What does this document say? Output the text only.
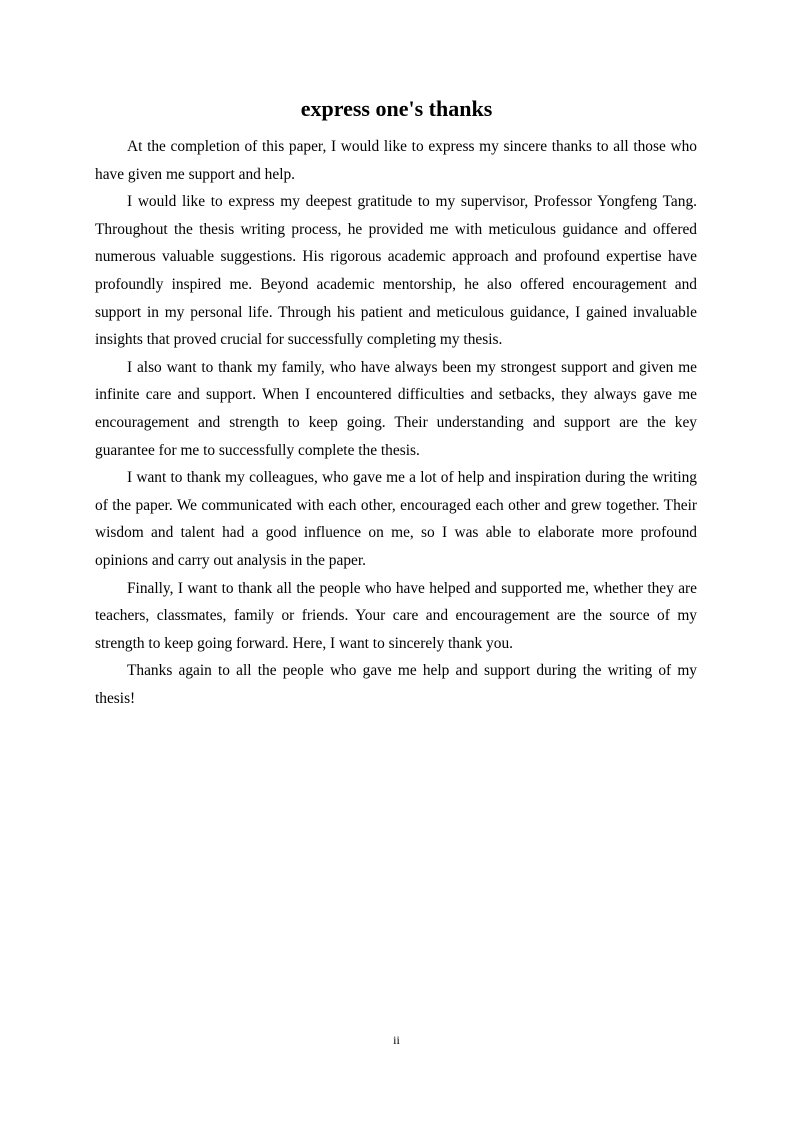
express one's thanks

At the completion of this paper, I would like to express my sincere thanks to all those who have given me support and help.

I would like to express my deepest gratitude to my supervisor, Professor Yongfeng Tang. Throughout the thesis writing process, he provided me with meticulous guidance and offered numerous valuable suggestions. His rigorous academic approach and profound expertise have profoundly inspired me. Beyond academic mentorship, he also offered encouragement and support in my personal life. Through his patient and meticulous guidance, I gained invaluable insights that proved crucial for successfully completing my thesis.

I also want to thank my family, who have always been my strongest support and given me infinite care and support. When I encountered difficulties and setbacks, they always gave me encouragement and strength to keep going. Their understanding and support are the key guarantee for me to successfully complete the thesis.

I want to thank my colleagues, who gave me a lot of help and inspiration during the writing of the paper. We communicated with each other, encouraged each other and grew together. Their wisdom and talent had a good influence on me, so I was able to elaborate more profound opinions and carry out analysis in the paper.

Finally, I want to thank all the people who have helped and supported me, whether they are teachers, classmates, family or friends. Your care and encouragement are the source of my strength to keep going forward. Here, I want to sincerely thank you.

Thanks again to all the people who gave me help and support during the writing of my thesis!

ii
